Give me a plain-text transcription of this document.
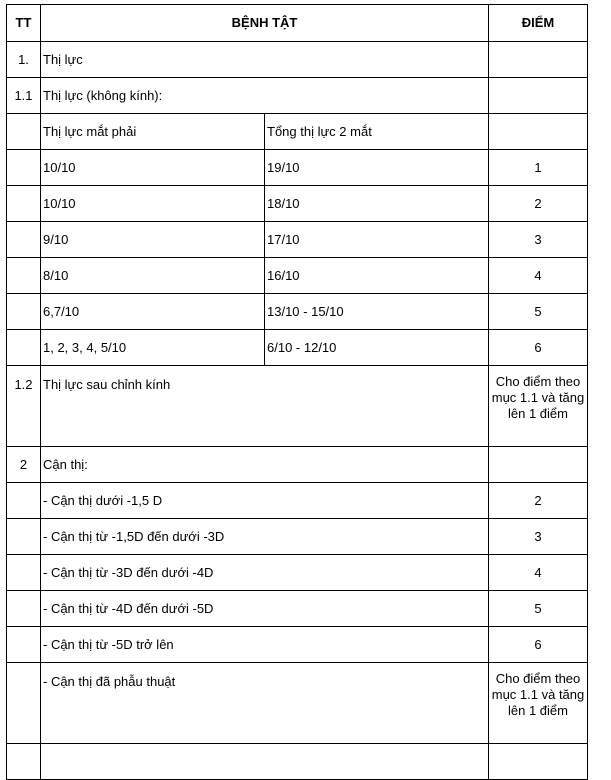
TT	BỆNH TẬT		ĐIỂM
1.	Thị lực		
1.1	Thị lực (không kính):		
	Thị lực mắt phải	Tổng thị lực 2 mắt	
	10/10	19/10	1
	10/10	18/10	2
	9/10	17/10	3
	8/10	16/10	4
	6,7/10	13/10 - 15/10	5
	1, 2, 3, 4, 5/10	6/10 - 12/10	6
1.2	Thị lực sau chỉnh kính		Cho điểm theo mục 1.1 và tăng lên 1 điểm
2	Cận thị:		
	- Cận thị dưới -1,5 D		2
	- Cận thị từ -1,5D đến dưới -3D		3
	- Cận thị từ -3D đến dưới -4D		4
	- Cận thị từ -4D đến dưới -5D		5
	- Cận thị từ -5D trở lên		6
	- Cận thị đã phẫu thuật		Cho điểm theo mục 1.1 và tăng lên 1 điểm
